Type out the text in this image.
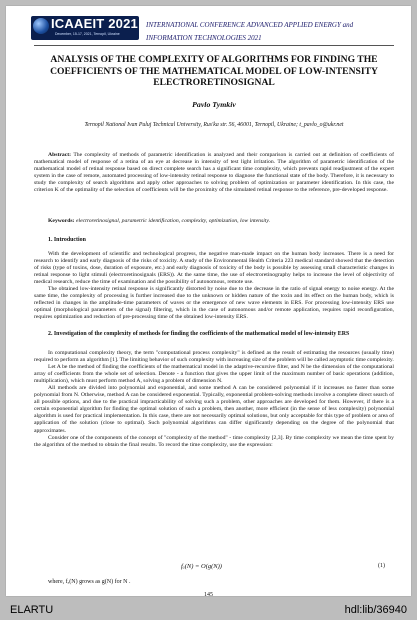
ICAAEIT 2021
December, 15-17, 2021, Ternopil, Ukraine
INTERNATIONAL CONFERENCE ADVANCED APPLIED ENERGY and
INFORMATION TECHNOLOGIES 2021
ANALYSIS OF THE COMPLEXITY OF ALGORITHMS FOR FINDING THE COEFFICIENTS OF THE MATHEMATICAL MODEL OF LOW-INTENSITY ELECTRORETINOSIGNAL
Pavlo Tymkiv
Ternopil National Ivan Puluj Technical University, Rus'ka str. 56, 46001, Ternopil, Ukraine; t_pavlo_o@ukr.net

Abstract: The complexity of methods of parametric identification is analyzed and their comparison is carried out at definition of coefficients of mathematical model of response of a retina of an eye at decrease in intensity of test light irritation. The algorithm of parametric identification of the mathematical model of retinal response based on direct complete search has a significant time complexity, which prevents rapid readjustment of the expert system in the case of remote, automated processing of low-intensity retinal response to diagnose the functional state of the body. Therefore, it is necessary to study the complexity of search algorithms and apply other approaches to solving problem of optimization or parameter identification. In this case, the criterion K of the optimality of the selection of coefficients will be the proximity of the simulated retinal response to the reference, pre-developed response.

Keywords: electroretinosignal, parametric identification, complexity, optimization, low intensity.
1. Introduction

With the development of scientific and technological progress, the negative man-made impact on the human body increases. There is a need for research to identify and early diagnosis of the risks of toxicity. A study of the Environmental Health Criteria 223 medical standard showed that the detection of risks (type of toxins, dose, duration of exposure, etc.) and early diagnosis of toxicity of the body is possible by assessing small characteristic changes in retinal response to light stimuli (electroretinosignals (ERS)). At the same time, the use of electroretinography helps to increase the level of objectivity of medical research, reduce the time of examination and the possibility of autonomous, remote use.

The obtained low-intensity retinal response is significantly distorted by noise due to the decrease in the ratio of signal energy to noise energy. At the same time, the complexity of processing is further increased due to the unknown or hidden nature of the toxin and its effect on the human body, which is reflected in changes in the amplitude-time parameters of waves or the emergence of new wave elements in ERS. For processing low-intensity ERS use optimal (morphological parameters of the signal) filtering, which in the case of autonomous and/or remote application, requires rapid reconfiguration, requires optimization and reduction of pre-processing time of the obtained low-intensity ERS.

2. Investigation of the complexity of methods for finding the coefficients of the mathematical model of low-intensity ERS

In computational complexity theory, the term "computational process complexity" is defined as the result of estimating the resources (usually time) required to perform an algorithm [1]. The limiting behavior of such complexity with increasing size of the problem will be called asymptotic time complexity.

Let A be the method of finding the coefficients of the mathematical model in the adaptive-recursive filter, and N be the dimension of the computational array of coefficients from the whole set of selection. Denote - a function that gives the upper limit of the maximum number of basic operations (addition, multiplication), which must perform method A, solving a problem of dimension N.

All methods are divided into polynomial and exponential, and some method A can be considered polynomial if it increases no faster than some polynomial from N. Otherwise, method A can be considered exponential. Typically, exponential problem-solving methods involve a complete direct search of all possible options, and due to the practical impracticability of solving such a problem, other approaches are developed for them. However, if there is a certain exponential algorithm for finding the optimal solution of such a problem, then another, more efficient (in the sense of less complexity) polynomial algorithm is used for practical implementation. In this case, there are not necessarily optimal solutions, but only acceptable for this type of problem or area of application of the solution (close to optimal). Such polynomial algorithms can differ significantly depending on the degree of the polynomial that approximates.

Consider one of the components of the concept of "complexity of the method" - time complexity [2,3]. By time complexity we mean the time spent by the algorithm of the method to obtain the final results. To record the time complexity, use the expression:

fₐ(N) = O(g(N))	(1)
where, fₐ(N) grows as g(N) for N .
145
ELARTU	hdl:lib/36940
